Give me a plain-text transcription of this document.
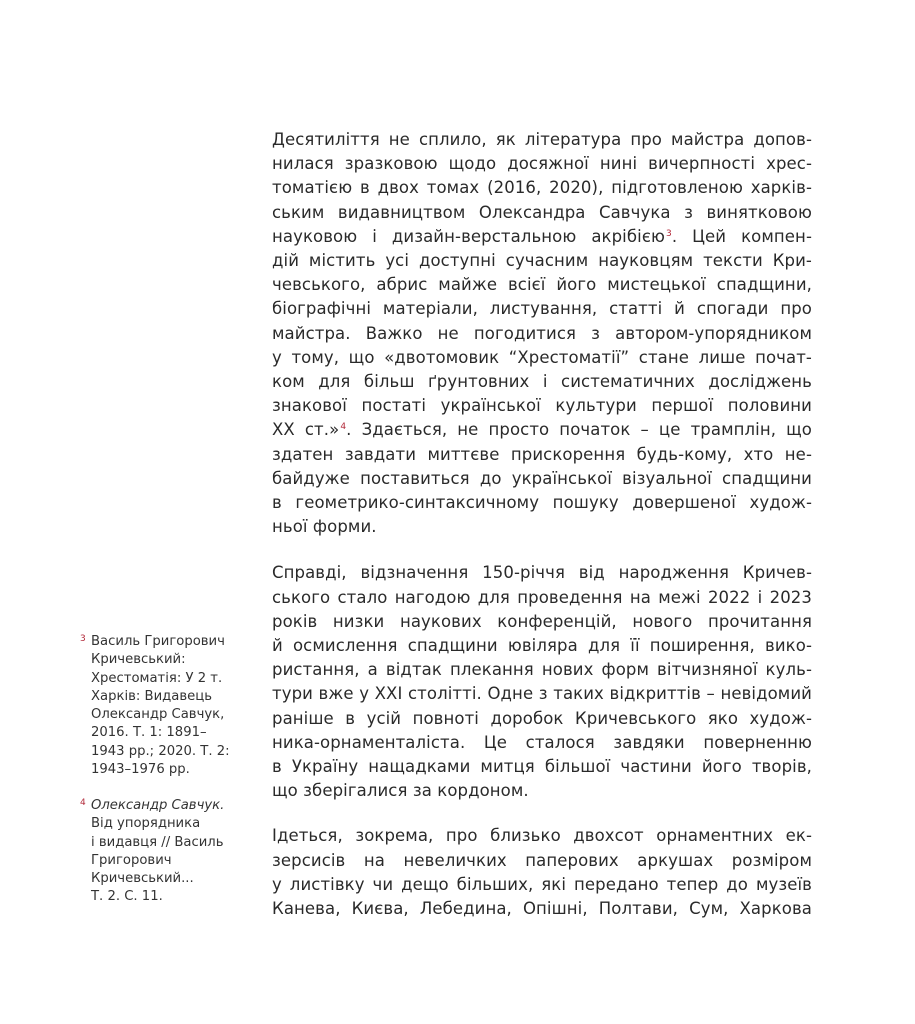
Десятиліття не сплило, як література про майстра допов-
нилася зразковою щодо досяжної нині вичерпності хрес-
томатією в двох томах (2016, 2020), підготовленою харків-
ським видавництвом Олександра Савчука з винятковою
науковою і дизайн-верстальною акрібією$^3$. Цей компен-
дій містить усі доступні сучасним науковцям тексти Кри-
чевського, абрис майже всієї його мистецької спадщини,
біографічні матеріали, листування, статті й спогади про
майстра. Важко не погодитися з автором-упорядником
у тому, що «двотомовик “Хрестоматії” стане лише почат-
ком для більш ґрунтовних і систематичних досліджень
знакової постаті української культури першої половини
XX ст.»$^4$. Здається, не просто початок – це трамплін, що
здатен завдати миттєве прискорення будь-кому, хто не-
байдуже поставиться до української візуальної спадщини
в геометрико-синтаксичному пошуку довершеної худож-
ньої форми.
Справді, відзначення 150-річчя від народження Кричев-
ського стало нагодою для проведення на межі 2022 і 2023
років низки наукових конференцій, нового прочитання
й осмислення спадщини ювіляра для її поширення, вико-
ристання, а відтак плекання нових форм вітчизняної куль-
тури вже у XXI столітті. Одне з таких відкриттів – невідомий
раніше в усій повноті доробок Кричевського яко худож-
ника-орнаменталіста. Це сталося завдяки поверненню
в Україну нащадками митця більшої частини його творів,
що зберігалися за кордоном.
Ідеться, зокрема, про близько двохсот орнаментних ек-
зерсисів на невеличких паперових аркушах розміром
у листівку чи дещо більших, які передано тепер до музеїв
Канева, Києва, Лебедина, Опішні, Полтави, Сум, Харкова
3 Василь Григорович
Кричевський:
Хрестоматія: У 2 т.
Харків: Видавець
Олександр Савчук,
2016. Т. 1: 1891–
1943 рр.; 2020. Т. 2:
1943–1976 рр.
4 Олександр Савчук.
Від упорядника
і видавця // Василь
Григорович
Кричевський...
Т. 2. С. 11.
